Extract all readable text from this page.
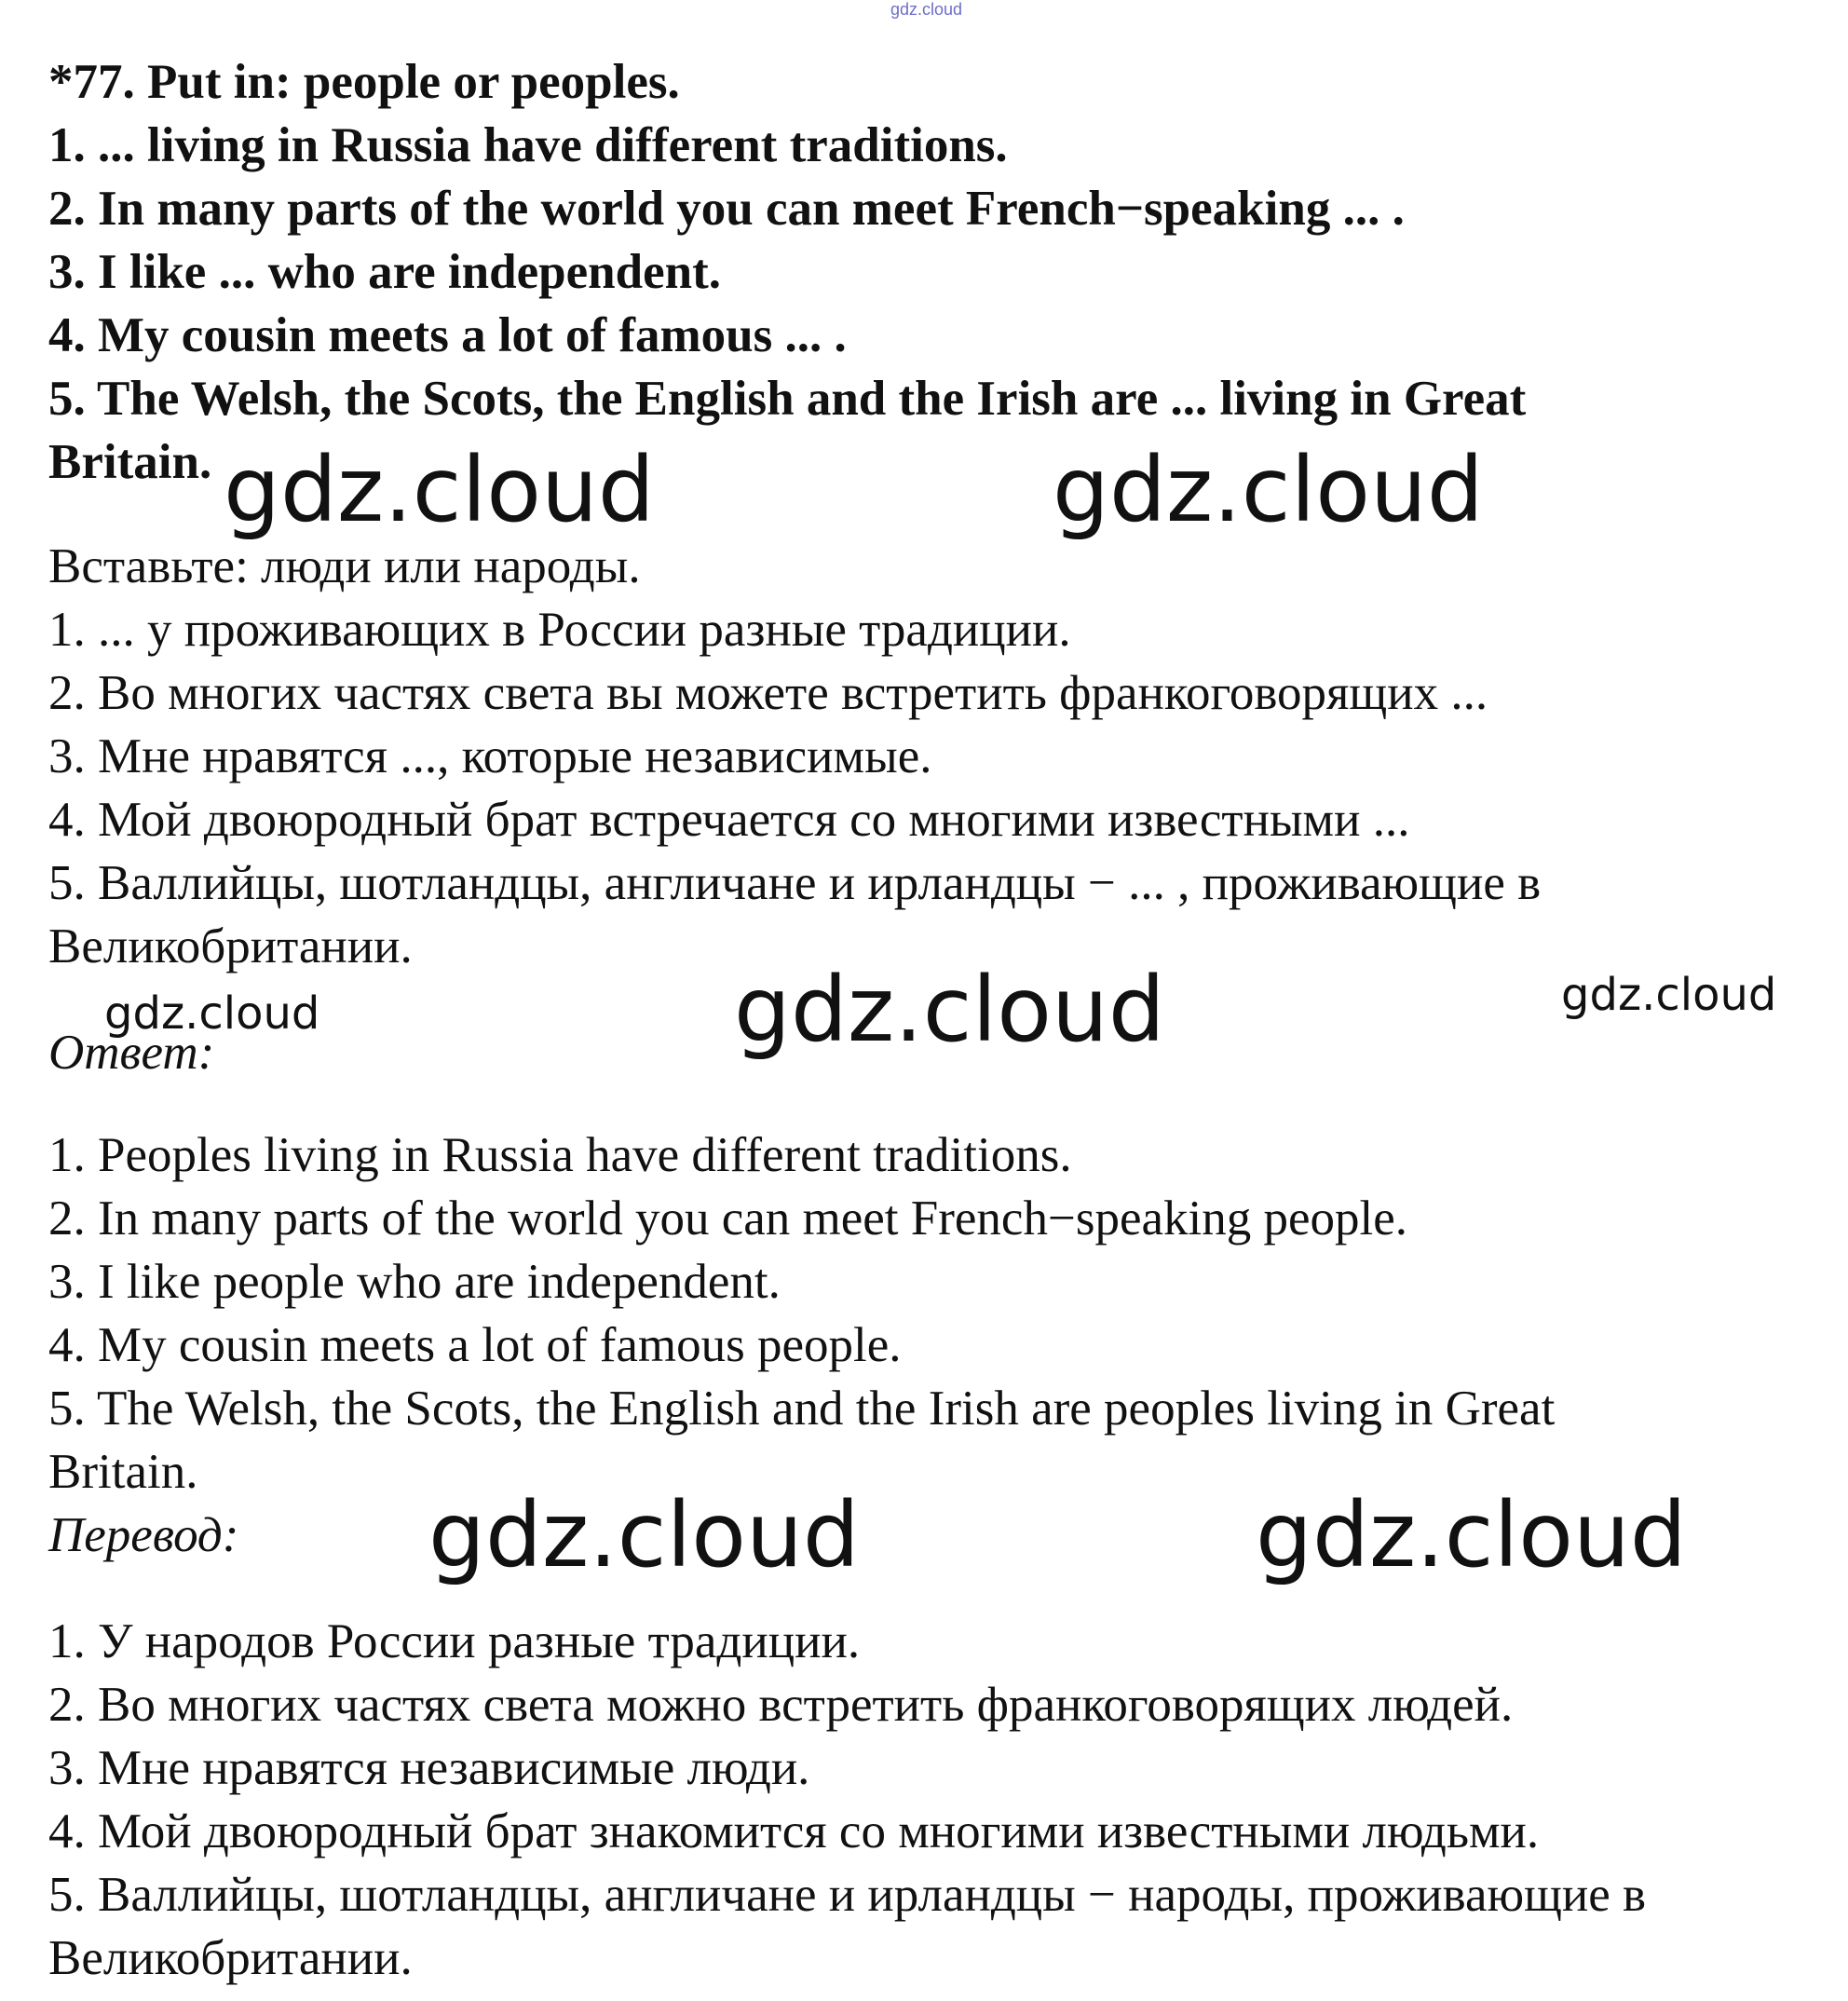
gdz.cloud
*77. Put in: people or peoples.
1. ... living in Russia have different traditions.
2. In many parts of the world you can meet French−speaking ... .
3. I like ... who are independent.
4. My cousin meets a lot of famous ... .
5. The Welsh, the Scots, the English and the Irish are ... living in Great
Britain.
Вставьте: люди или народы.
1. ... у проживающих в России разные традиции.
2. Во многих частях света вы можете встретить франкоговорящих ...
3. Мне нравятся ..., которые независимые.
4. Мой двоюродный брат встречается со многими известными ...
5. Валлийцы, шотландцы, англичане и ирландцы − ... , проживающие в
Великобритании.
Ответ:
1. Peoples living in Russia have different traditions.
2. In many parts of the world you can meet French−speaking people.
3. I like people who are independent.
4. My cousin meets a lot of famous people.
5. The Welsh, the Scots, the English and the Irish are peoples living in Great
Britain.
Перевод:
1. У народов России разные традиции.
2. Во многих частях света можно встретить франкоговорящих людей.
3. Мне нравятся независимые люди.
4. Мой двоюродный брат знакомится со многими известными людьми.
5. Валлийцы, шотландцы, англичане и ирландцы − народы, проживающие в
Великобритании.
gdz.cloud	gdz.cloud
gdz.cloud	gdz.cloud	gdz.cloud
gdz.cloud	gdz.cloud
